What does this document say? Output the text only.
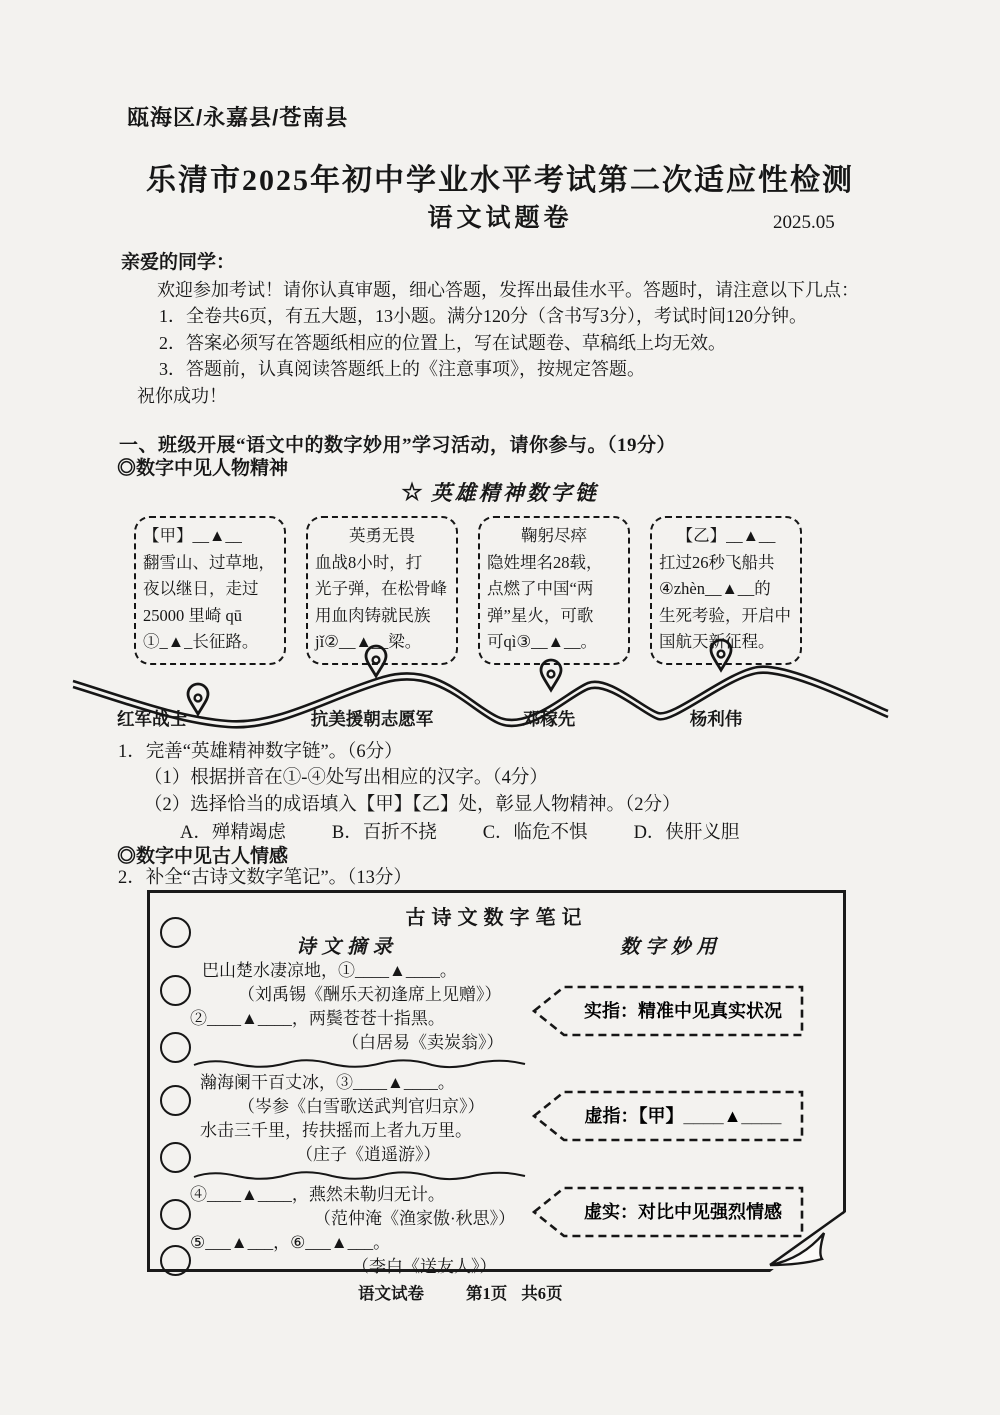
瓯海区/永嘉县/苍南县
乐清市2025年初中学业水平考试第二次适应性检测
语文试题卷	2025.05
亲爱的同学：
欢迎参加考试！请你认真审题，细心答题，发挥出最佳水平。答题时，请注意以下几点：
1．全卷共6页，有五大题，13小题。满分120分（含书写3分），考试时间120分钟。
2．答案必须写在答题纸相应的位置上，写在试题卷、草稿纸上均无效。
3．答题前，认真阅读答题纸上的《注意事项》，按规定答题。
祝你成功！
一、班级开展“语文中的数字妙用”学习活动，请你参与。（19分）
◎数字中见人物精神
☆ 英雄精神数字链
【甲】__▲__
翻雪山、过草地，
夜以继日，走过
25000 里崎 qū
①_▲_长征路。
英勇无畏
血战8小时，打
光子弹，在松骨峰
用血肉铸就民族
jǐ②__▲__梁。
鞠躬尽瘁
隐姓埋名28载，
点燃了中国“两
弹”星火，可歌
可qì③__▲__。
【乙】__▲__
扛过26秒飞船共
④zhèn__▲__的
生死考验，开启中
国航天新征程。
红军战士	抗美援朝志愿军	邓稼先	杨利伟
1．完善“英雄精神数字链”。（6分）
（1）根据拼音在①-④处写出相应的汉字。（4分）
（2）选择恰当的成语填入【甲】【乙】处，彰显人物精神。（2分）
A．殚精竭虑 B．百折不挠 C．临危不惧 D．侠肝义胆
◎数字中见古人情感
2．补全“古诗文数字笔记”。（13分）
古诗文数字笔记
诗文摘录	数字妙用
巴山楚水凄凉地，①____▲____。
（刘禹锡《酬乐天初逢席上见赠》）
②____▲____，两鬓苍苍十指黑。
（白居易《卖炭翁》）
瀚海阑干百丈冰，③____▲____。
（岑参《白雪歌送武判官归京》）
水击三千里，抟扶摇而上者九万里。
（庄子《逍遥游》）
④____▲____，燕然未勒归无计。
（范仲淹《渔家傲·秋思》）
⑤___▲___，⑥___▲___。
（李白《送友人》）
实指：精准中见真实状况
虚指：【甲】____▲____
虚实：对比中见强烈情感
语文试卷	第1页 共6页
